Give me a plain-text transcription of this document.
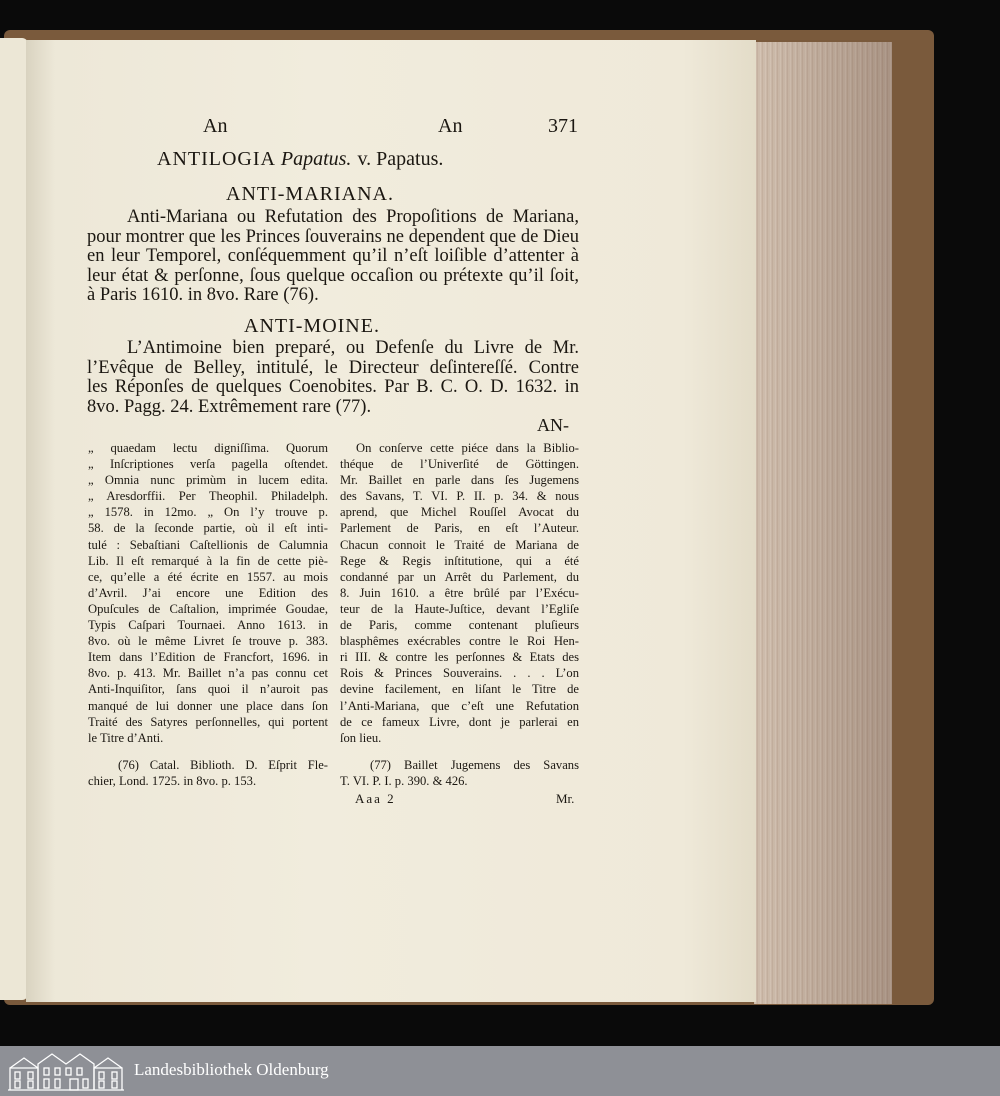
An	An	371
ANTILOGIA Papatus. v. Papatus.
ANTI-MARIANA.
Anti-Mariana ou Refutation des Propoſitions de Mariana,
pour montrer que les Princes ſouverains ne dependent que de Dieu
en leur Temporel, conſéquemment qu’il n’eſt loiſible d’attenter à
leur état & perſonne, ſous quelque occaſion ou prétexte qu’il ſoit,
à Paris 1610. in 8vo. Rare (76).
ANTI-MOINE.
L’Antimoine bien preparé, ou Defenſe du Livre de Mr.
l’Evêque de Belley, intitulé, le Directeur deſintereſſé. Contre
les Réponſes de quelques Coenobites. Par B. C. O. D. 1632. in
8vo. Pagg. 24. Extrêmement rare (77).
AN-
„ quaedam lectu digniſſima. Quorum
„ Inſcriptiones verſa pagella oſtendet.
„ Omnia nunc primùm in lucem edita.
„ Aresdorffii. Per Theophil. Philadelph.
„ 1578. in 12mo. „ On l’y trouve p.
58. de la ſeconde partie, où il eſt inti-
tulé : Sebaſtiani Caſtellionis de Calumnia
Lib. Il eſt remarqué à la fin de cette piè-
ce, qu’elle a été écrite en 1557. au mois
d’Avril. J’ai encore une Edition des
Opuſcules de Caſtalion, imprimée Goudae,
Typis Caſpari Tournaei. Anno 1613. in
8vo. où le même Livret ſe trouve p. 383.
Item dans l’Edition de Francfort, 1696. in
8vo. p. 413. Mr. Baillet n’a pas connu cet
Anti-Inquiſitor, ſans quoi il n’auroit pas
manqué de lui donner une place dans ſon
Traité des Satyres perſonnelles, qui portent
le Titre d’Anti.
(76) Catal. Biblioth. D. Eſprit Fle-
chier, Lond. 1725. in 8vo. p. 153.
On conſerve cette piéce dans la Biblio-
théque de l’Univerſité de Göttingen.
Mr. Baillet en parle dans ſes Jugemens
des Savans, T. VI. P. II. p. 34. & nous
aprend, que Michel Rouſſel Avocat du
Parlement de Paris, en eſt l’Auteur.
Chacun connoit le Traité de Mariana de
Rege & Regis inſtitutione, qui a été
condanné par un Arrêt du Parlement, du
8. Juin 1610. a être brûlé par l’Exécu-
teur de la Haute-Juſtice, devant l’Egliſe
de Paris, comme contenant pluſieurs
blasphêmes exécrables contre le Roi Hen-
ri III. & contre les perſonnes & Etats des
Rois & Princes Souverains. . . . L’on
devine facilement, en liſant le Titre de
l’Anti-Mariana, que c’eſt une Refutation
de ce fameux Livre, dont je parlerai en
ſon lieu.
(77) Baillet Jugemens des Savans
T. VI. P. I. p. 390. & 426.
Aaa 2	Mr.
Landesbibliothek Oldenburg
